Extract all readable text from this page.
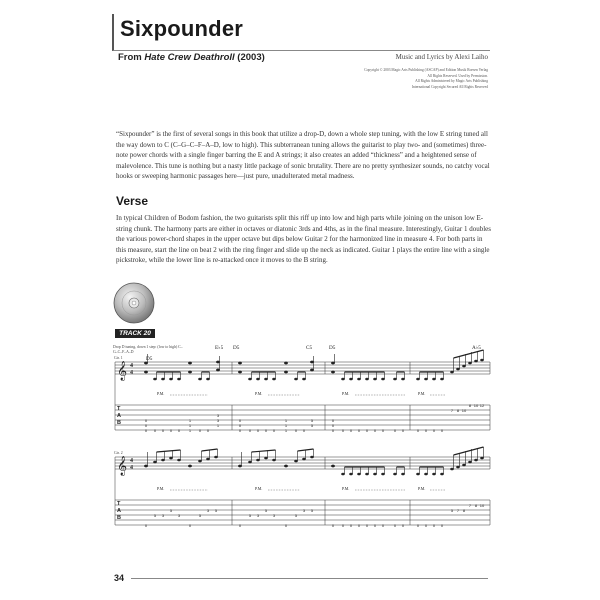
Sixpounder
From Hate Crew Deathroll (2003)	Music and Lyrics by Alexi Laiho
Copyright © 2003 Magic Arts Publishing (ASCAP) and Edition Musik Roesen Verlag
All Rights Reserved. Used by Permission.
All Rights Administered by Magic Arts Publishing
International Copyright Secured All Rights Reserved

“Sixpounder” is the first of several songs in this book that utilize a drop-D, down a whole step tuning, with the low E string tuned all the way down to C (C–G–C–F–A–D, low to high). This subterranean tuning allows the guitarist to play two- and (sometimes) three-note power chords with a single finger barring the E and A strings; it also creates an added “thickness” and a heightened sense of malevolence. This tune is nothing but a nasty little package of sonic brutality. There are no pretty synthesizer sounds, no catchy vocal hooks or sweeping harmonic passages here—just pure, unadulterated metal madness.

Verse

In typical Children of Bodom fashion, the two guitarists split this riff up into low and high parts while joining on the unison low E-string chunk. The harmony parts are either in octaves or diatonic 3rds and 4ths, as in the final measure. Interestingly, Guitar 1 doubles the various power-chord shapes in the upper octave but dips below Guitar 2 for the harmonized line in measure 4. For both parts in this measure, start the line on beat 2 with the ring finger and slide up the neck as indicated. Guitar 1 plays the entire line with a single pickstroke, while the lower line is re-attacked once it moves to the B string.

TRACK 20
Drop D tuning, down 1 step: (low to high) C–G–C–F–A–D
D5
E♭5 D5	C5	D5	A♭5
Gtr. 1
Gtr. 2
𝄞
𝄞
4
4
4
4
0
0
0 0 0 0 0
1
1
1 0 0
3
3
1
0
0
0 0 0 0 0
1
1
1 0 0
5
5
0
0
0 0 0 0 0 0 0 0 0	0 0 0 0
7 8 10
8 10 12
0
5 3
5
3
0
5
3 5
0
5 3
5
3
0
5
3 5
0 0 0 0 0 0 0 0 0	0 0 0 0
5 7 8
7 8 10
P.M.	P.M.	P.M.	P.M.
P.M.	P.M.	P.M.	P.M.
T
A
B
T
A
B
34
